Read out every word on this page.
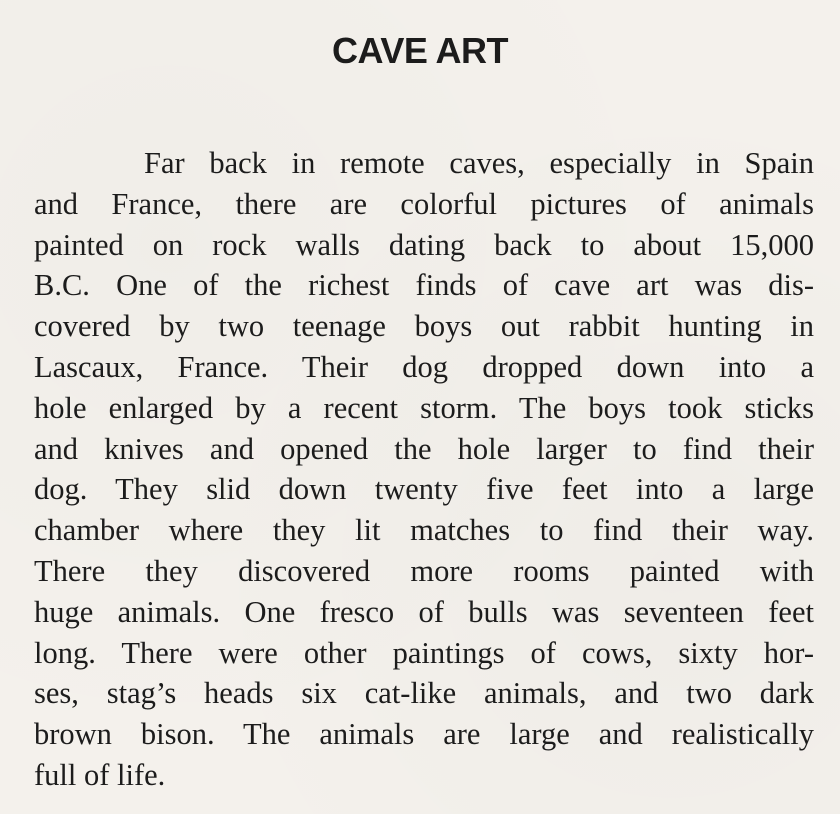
CAVE ART
Far back in remote caves, especially in Spain
and France, there are colorful pictures of animals
painted on rock walls dating back to about 15,000
B.C. One of the richest finds of cave art was dis-
covered by two teenage boys out rabbit hunting in
Lascaux, France. Their dog dropped down into a
hole enlarged by a recent storm. The boys took sticks
and knives and opened the hole larger to find their
dog. They slid down twenty five feet into a large
chamber where they lit matches to find their way.
There they discovered more rooms painted with
huge animals. One fresco of bulls was seventeen feet
long. There were other paintings of cows, sixty hor-
ses, stag’s heads six cat-like animals, and two dark
brown bison. The animals are large and realistically
full of life.
